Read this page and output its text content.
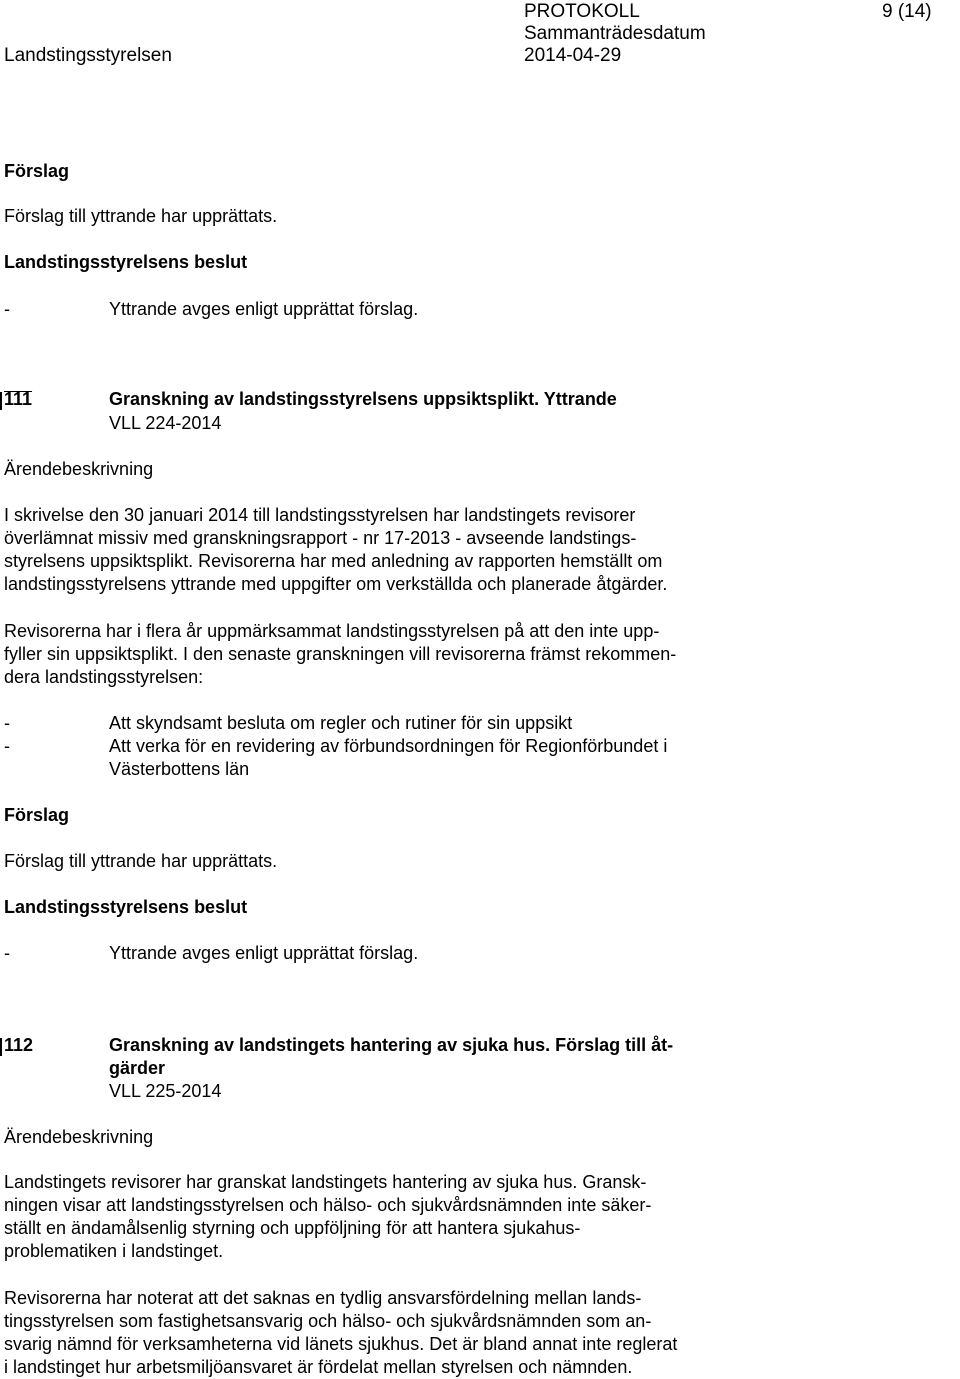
Landstingsstyrelsen
PROTOKOLL
Sammanträdesdatum
2014-04-29
9 (14)
Förslag
Förslag till yttrande har upprättats.
Landstingsstyrelsens beslut
-	Yttrande avges enligt upprättat förslag.
111	Granskning av landstingsstyrelsens uppsiktsplikt. Yttrande
VLL 224-2014
Ärendebeskrivning
I skrivelse den 30 januari 2014 till landstingsstyrelsen har landstingets revisorer
överlämnat missiv med granskningsrapport - nr 17-2013 - avseende landstings-
styrelsens uppsiktsplikt. Revisorerna har med anledning av rapporten hemställt om
landstingsstyrelsens yttrande med uppgifter om verkställda och planerade åtgärder.
Revisorerna har i flera år uppmärksammat landstingsstyrelsen på att den inte upp-
fyller sin uppsiktsplikt. I den senaste granskningen vill revisorerna främst rekommen-
dera landstingsstyrelsen:
-	Att skyndsamt besluta om regler och rutiner för sin uppsikt
-	Att verka för en revidering av förbundsordningen för Regionförbundet i
Västerbottens län
Förslag
Förslag till yttrande har upprättats.
Landstingsstyrelsens beslut
-	Yttrande avges enligt upprättat förslag.
112	Granskning av landstingets hantering av sjuka hus. Förslag till åt-
gärder
VLL 225-2014
Ärendebeskrivning
Landstingets revisorer har granskat landstingets hantering av sjuka hus. Gransk-
ningen visar att landstingsstyrelsen och hälso- och sjukvårdsnämnden inte säker-
ställt en ändamålsenlig styrning och uppföljning för att hantera sjukahus-
problematiken i landstinget.
Revisorerna har noterat att det saknas en tydlig ansvarsfördelning mellan lands-
tingsstyrelsen som fastighetsansvarig och hälso- och sjukvårdsnämnden som an-
svarig nämnd för verksamheterna vid länets sjukhus. Det är bland annat inte reglerat
i landstinget hur arbetsmiljöansvaret är fördelat mellan styrelsen och nämnden.
